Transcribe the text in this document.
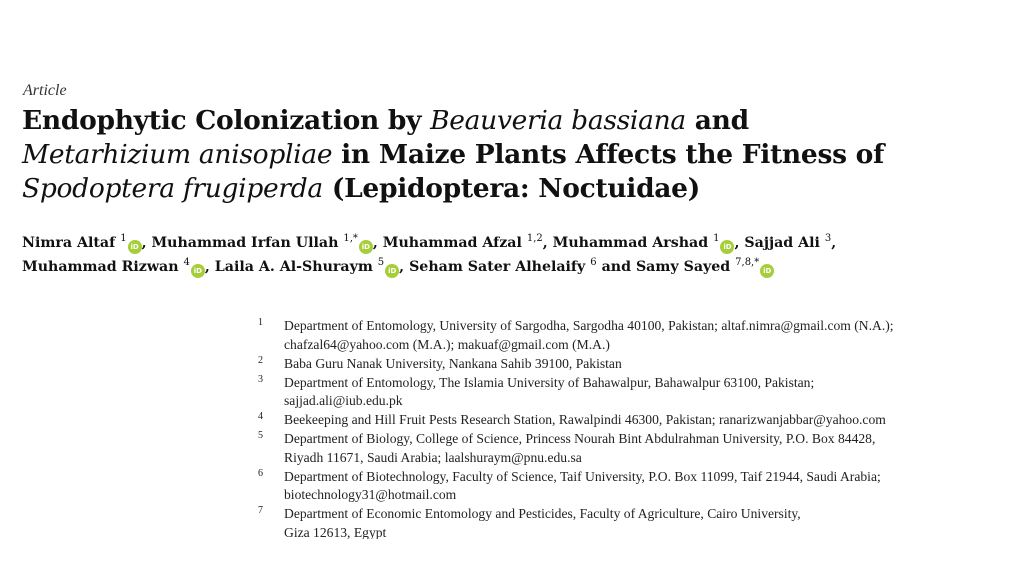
Article
Endophytic Colonization by Beauveria bassiana and
Metarhizium anisopliae in Maize Plants Affects the Fitness of
Spodoptera frugiperda (Lepidoptera: Noctuidae)
Nimra Altaf $^1$iD , Muhammad Irfan Ullah $^{1,*}$iD , Muhammad Afzal $^{1,2}$, Muhammad Arshad $^1$iD , Sajjad Ali $^3$,
Muhammad Rizwan $^4$iD , Laila A. Al-Shuraym $^5$iD , Seham Sater Alhelaify $^6$ and Samy Sayed $^{7,8,*}$iD
1 Department of Entomology, University of Sargodha, Sargodha 40100, Pakistan; altaf.nimra@gmail.com (N.A.);
chafzal64@yahoo.com (M.A.); makuaf@gmail.com (M.A.)
2 Baba Guru Nanak University, Nankana Sahib 39100, Pakistan
3 Department of Entomology, The Islamia University of Bahawalpur, Bahawalpur 63100, Pakistan;
sajjad.ali@iub.edu.pk
4 Beekeeping and Hill Fruit Pests Research Station, Rawalpindi 46300, Pakistan; ranarizwanjabbar@yahoo.com
5 Department of Biology, College of Science, Princess Nourah Bint Abdulrahman University, P.O. Box 84428,
Riyadh 11671, Saudi Arabia; laalshuraym@pnu.edu.sa
6 Department of Biotechnology, Faculty of Science, Taif University, P.O. Box 11099, Taif 21944, Saudi Arabia;
biotechnology31@hotmail.com
7 Department of Economic Entomology and Pesticides, Faculty of Agriculture, Cairo University,
Giza 12613, Egypt
